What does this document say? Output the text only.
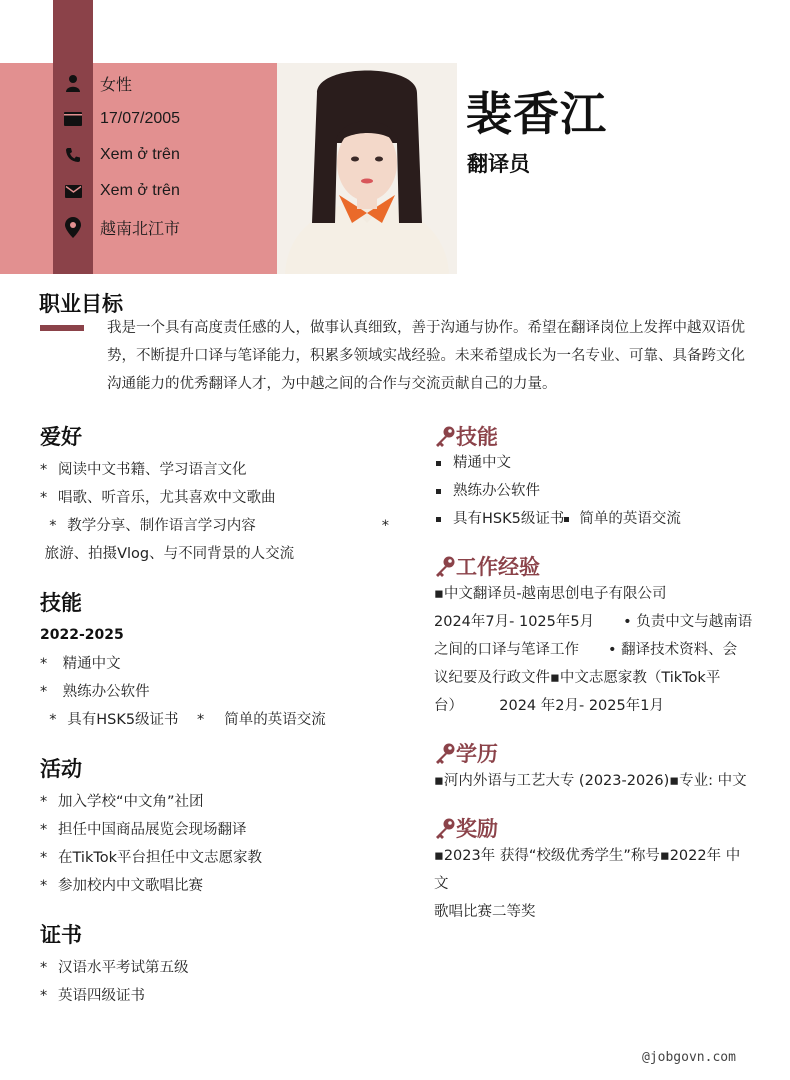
女性
17/07/2005
Xem ở trên
Xem ở trên
越南北江市
裴香江
翻译员
职业目标
我是一个具有高度责任感的人，做事认真细致，善于沟通与协作。希望在翻译岗位上发挥中越双语优势，不断提升口译与笔译能力，积累多领域实战经验。未来希望成长为一名专业、可靠、具备跨文化沟通能力的优秀翻译人才，为中越之间的合作与交流贡献自己的力量。
爱好
* 阅读中文书籍、学习语言文化
* 唱歌、听音乐，尤其喜欢中文歌曲
* 教学分享、制作语言学习内容	*
旅游、拍摄Vlog、与不同背景的人交流
技能
2022-2025
* 精通中文
* 熟练办公软件
* 具有HSK5级证书 * 简单的英语交流
活动
* 加入学校“中文角”社团
* 担任中国商品展览会现场翻译
* 在TikTok平台担任中文志愿家教
* 参加校内中文歌唱比赛
证书
* 汉语水平考试第五级
* 英语四级证书
技能
精通中文
熟练办公软件
具有HSK5级证书 简单的英语交流
工作经验
▪中文翻译员-越南思创电子有限公司
2024年7月- 1025年5月　　• 负责中文与越南语
之间的口译与笔译工作　　• 翻译技术资料、会
议纪要及行政文件▪中文志愿家教（TikTok平
台）　　　2024 年2月- 2025年1月
学历
▪河内外语与工艺大专 (2023-2026)▪专业: 中文
奖励
▪2023年 获得“校级优秀学生”称号▪2022年 中文
歌唱比赛二等奖
@jobgovn.com
